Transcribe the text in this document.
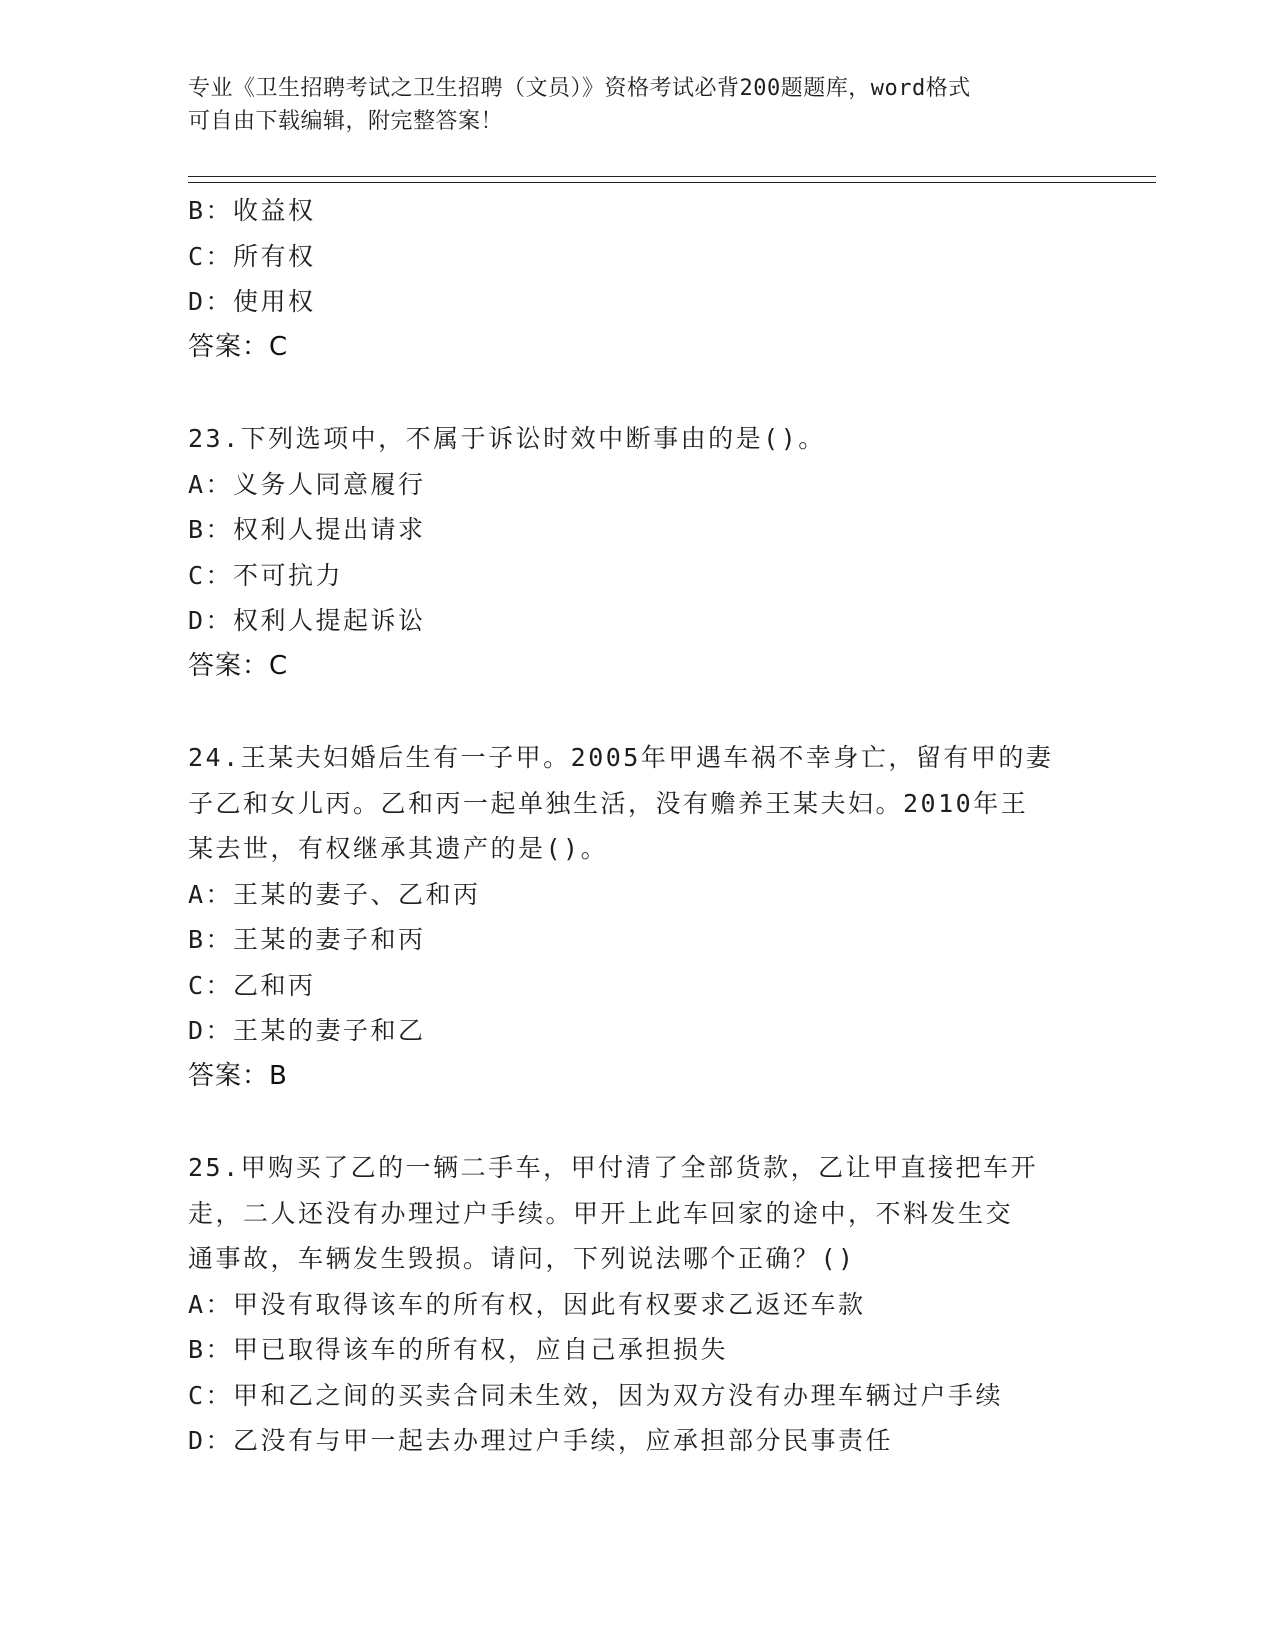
专业《卫生招聘考试之卫生招聘（文员）》资格考试必背200题题库，word格式
可自由下载编辑，附完整答案！
B：收益权
C：所有权
D：使用权
答案：C
23.下列选项中，不属于诉讼时效中断事由的是()。
A：义务人同意履行
B：权利人提出请求
C：不可抗力
D：权利人提起诉讼
答案：C
24.王某夫妇婚后生有一子甲。2005年甲遇车祸不幸身亡，留有甲的妻
子乙和女儿丙。乙和丙一起单独生活，没有赡养王某夫妇。2010年王
某去世，有权继承其遗产的是()。
A：王某的妻子、乙和丙
B：王某的妻子和丙
C：乙和丙
D：王某的妻子和乙
答案：B
25.甲购买了乙的一辆二手车，甲付清了全部货款，乙让甲直接把车开
走，二人还没有办理过户手续。甲开上此车回家的途中，不料发生交
通事故，车辆发生毁损。请问，下列说法哪个正确？()
A：甲没有取得该车的所有权，因此有权要求乙返还车款
B：甲已取得该车的所有权，应自己承担损失
C：甲和乙之间的买卖合同未生效，因为双方没有办理车辆过户手续
D：乙没有与甲一起去办理过户手续，应承担部分民事责任
